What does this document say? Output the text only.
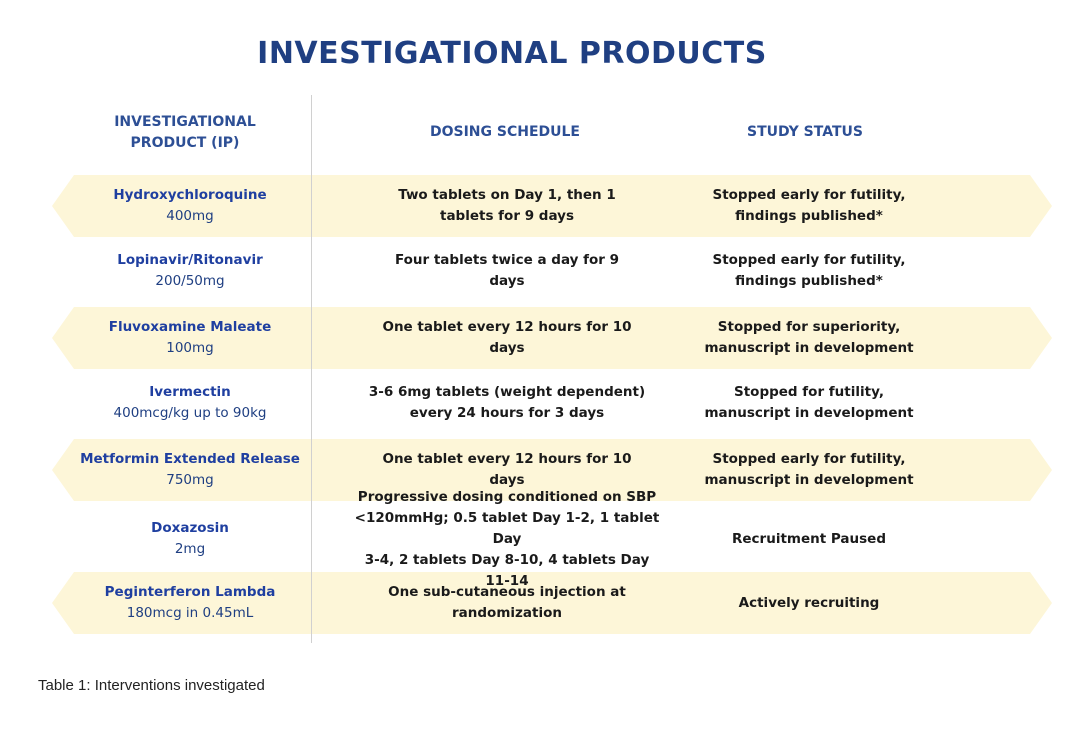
INVESTIGATIONAL PRODUCTS
INVESTIGATIONAL
PRODUCT (IP)
DOSING SCHEDULE	STUDY STATUS
Hydroxychloroquine
400mg
Two tablets on Day 1, then 1
tablets for 9 days
Stopped early for futility,
findings published*
Lopinavir/Ritonavir
200/50mg
Four tablets twice a day for 9
days
Stopped early for futility,
findings published*
Fluvoxamine Maleate
100mg
One tablet every 12 hours for 10
days
Stopped for superiority,
manuscript in development
Ivermectin
400mcg/kg up to 90kg
3-6 6mg tablets (weight dependent)
every 24 hours for 3 days
Stopped for futility,
manuscript in development
Metformin Extended Release
750mg
One tablet every 12 hours for 10
days
Stopped early for futility,
manuscript in development
Doxazosin
2mg

<120mmHg; 0.5 tablet Day 1-2, 1 tablet Day
3-4, 2 tablets Day 8-10, 4 tablets Day
Recruitment Paused
Peginterferon Lambda
180mcg in 0.45mL
One sub-cutaneous injection at
randomization
Actively recruiting
Table 1: Interventions investigated
